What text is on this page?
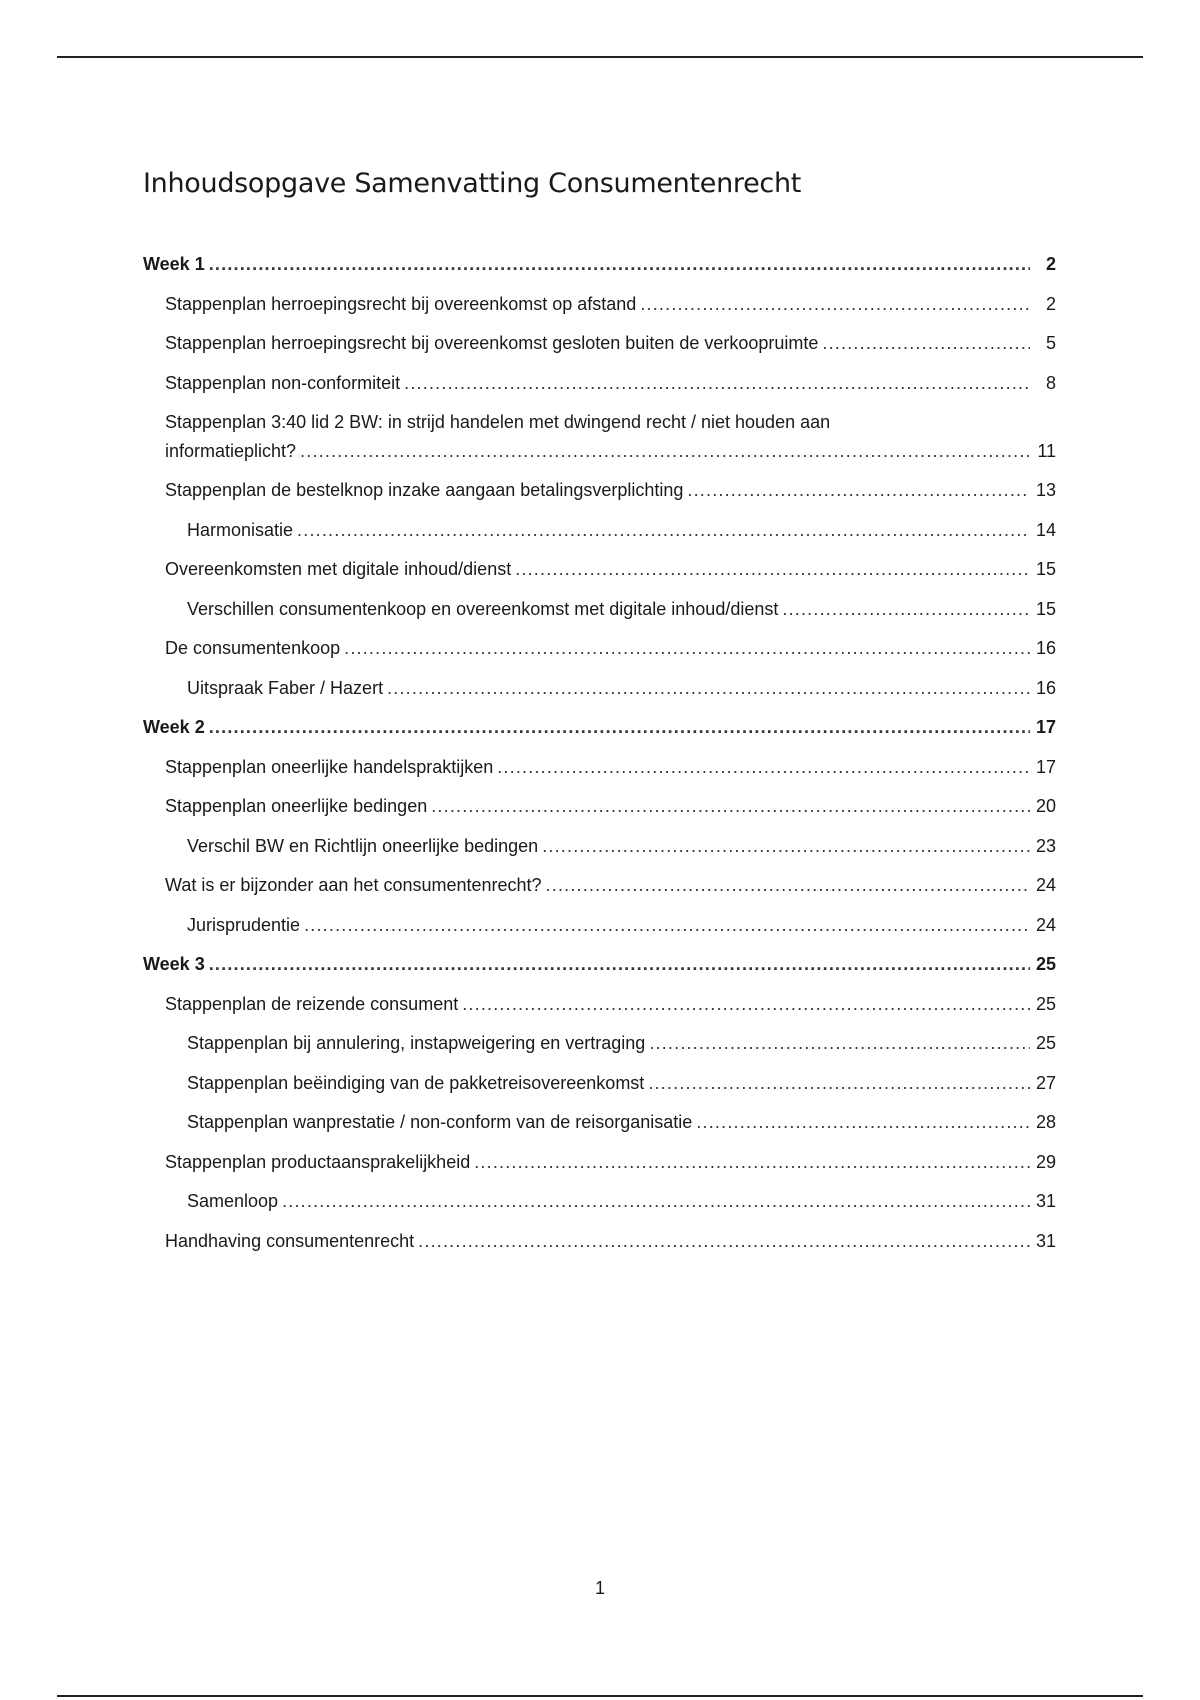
Inhoudsopgave Samenvatting Consumentenrecht
Week 1 .....	2
Stappenplan herroepingsrecht bij overeenkomst op afstand .....	2
Stappenplan herroepingsrecht bij overeenkomst gesloten buiten de verkoopruimte .....	5
Stappenplan non-conformiteit .....	8
Stappenplan 3:40 lid 2 BW: in strijd handelen met dwingend recht / niet houden aan
informatieplicht? .....	11
Stappenplan de bestelknop inzake aangaan betalingsverplichting .....	13
Harmonisatie .....	14
Overeenkomsten met digitale inhoud/dienst .....	15
Verschillen consumentenkoop en overeenkomst met digitale inhoud/dienst .....	15
De consumentenkoop .....	16
Uitspraak Faber / Hazert .....	16
Week 2 .....	17
Stappenplan oneerlijke handelspraktijken .....	17
Stappenplan oneerlijke bedingen .....	20
Verschil BW en Richtlijn oneerlijke bedingen .....	23
Wat is er bijzonder aan het consumentenrecht? .....	24
Jurisprudentie .....	24
Week 3 .....	25
Stappenplan de reizende consument .....	25
Stappenplan bij annulering, instapweigering en vertraging .....	25
Stappenplan beëindiging van de pakketreisovereenkomst .....	27
Stappenplan wanprestatie / non-conform van de reisorganisatie .....	28
Stappenplan productaansprakelijkheid .....	29
Samenloop .....	31
Handhaving consumentenrecht .....	31
1
